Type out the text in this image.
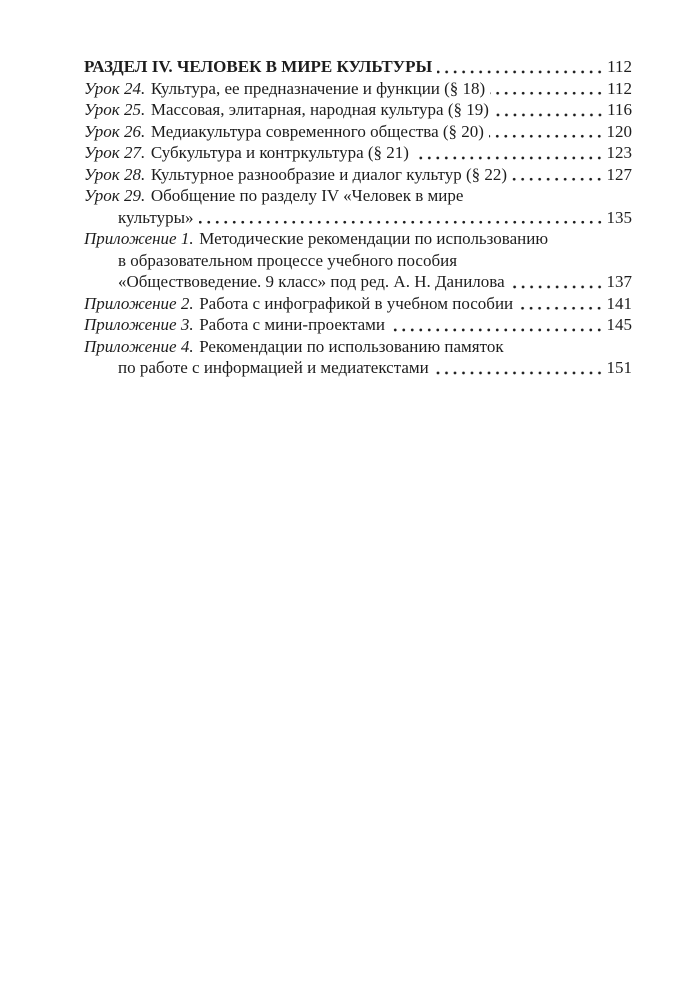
РАЗДЕЛ IV. ЧЕЛОВЕК В МИРЕ КУЛЬТУРЫ	112
Урок 24. Культура, ее предназначение и функции (§ 18)	112
Урок 25. Массовая, элитарная, народная культура (§ 19)	116
Урок 26. Медиакультура современного общества (§ 20)	120
Урок 27. Субкультура и контркультура (§ 21)	123
Урок 28. Культурное разнообразие и диалог культур (§ 22)	127
Урок 29. Обобщение по разделу IV «Человек в мире
культуры»	135
Приложение 1. Методические рекомендации по использованию
в образовательном процессе учебного пособия
«Обществоведение. 9 класс» под ред. А. Н. Данилова	137
Приложение 2. Работа с инфографикой в учебном пособии	141
Приложение 3. Работа с мини-проектами	145
Приложение 4. Рекомендации по использованию памяток
по работе с информацией и медиатекстами	151
